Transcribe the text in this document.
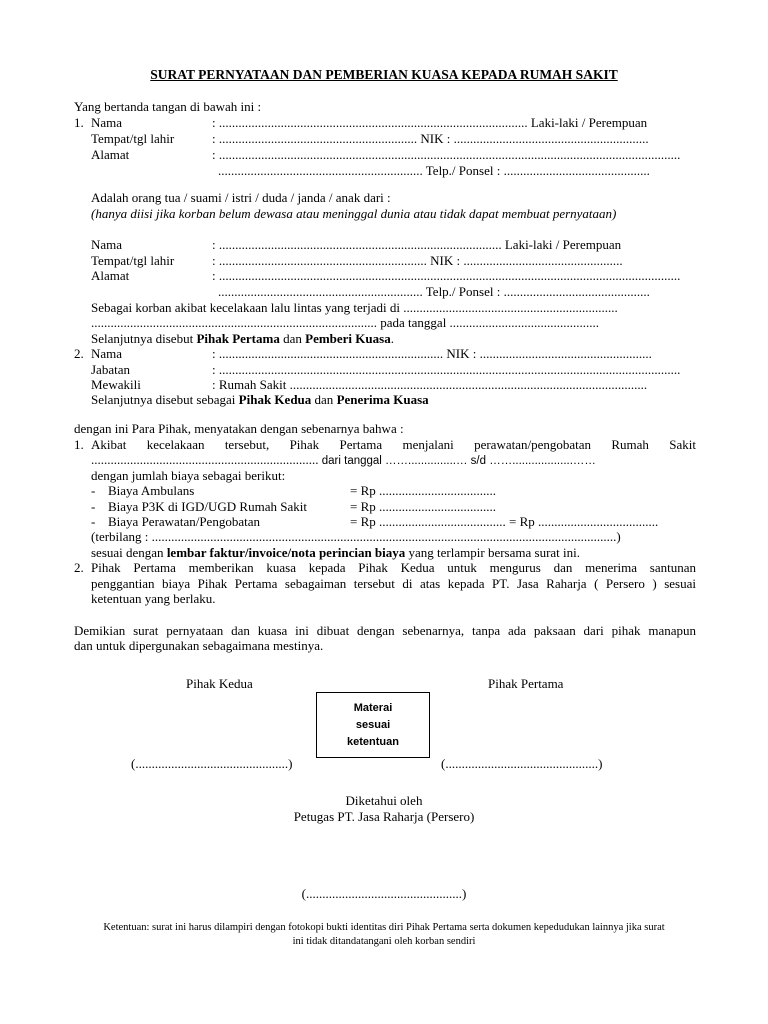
SURAT PERNYATAAN DAN PEMBERIAN KUASA KEPADA RUMAH SAKIT
Yang bertanda tangan di bawah ini :
1. Nama	: ............................................................................................... Laki-laki / Perempuan
Tempat/tgl lahir	: ............................................................. NIK : ............................................................
Alamat	: ..............................................................................................................................................
............................................................... Telp./ Ponsel : .............................................
Adalah orang tua / suami / istri / duda / janda / anak dari :
(hanya diisi jika korban belum dewasa atau meninggal dunia atau tidak dapat membuat pernyataan)
Nama	: ....................................................................................... Laki-laki / Perempuan
Tempat/tgl lahir	: ................................................................ NIK : .................................................
Alamat	: ..............................................................................................................................................
............................................................... Telp./ Ponsel : .............................................
Sebagai korban akibat kecelakaan lalu lintas yang terjadi di ..................................................................
........................................................................................ pada tanggal ..............................................
Selanjutnya disebut Pihak Pertama dan Pemberi Kuasa.
2. Nama	: ..................................................................... NIK : .....................................................
Jabatan	: ..............................................................................................................................................
Mewakili	: Rumah Sakit ..............................................................................................................
Selanjutnya disebut sebagai Pihak Kedua dan Penerima Kuasa
dengan ini Para Pihak, menyatakan dengan sebenarnya bahwa :
1. Akibat kecelakaan tersebut, Pihak Pertama menjalani perawatan/pengobatan Rumah Sakit
...................................................................... dari tanggal ……...............… s/d ……...................……
dengan jumlah biaya sebagai berikut:
- Biaya Ambulans	= Rp ....................................
- Biaya P3K di IGD/UGD Rumah Sakit	= Rp ....................................
- Biaya Perawatan/Pengobatan	= Rp ....................................... = Rp .....................................
(terbilang : ...............................................................................................................................................)
sesuai dengan lembar faktur/invoice/nota perincian biaya yang terlampir bersama surat ini.
2. Pihak Pertama memberikan kuasa kepada Pihak Kedua untuk mengurus dan menerima santunan
penggantian biaya Pihak Pertama sebagaiman tersebut di atas kepada PT. Jasa Raharja ( Persero ) sesuai
ketentuan yang berlaku.
Demikian surat pernyataan dan kuasa ini dibuat dengan sebenarnya, tanpa ada paksaan dari pihak manapun
dan untuk dipergunakan sebagaimana mestinya.
Pihak Kedua	Pihak Pertama
Materai
sesuai
ketentuan
(...............................................)	(...............................................)
Diketahui oleh
Petugas PT. Jasa Raharja (Persero)
(................................................)
Ketentuan: surat ini harus dilampiri dengan fotokopi bukti identitas diri Pihak Pertama serta dokumen kepedudukan lainnya jika surat
ini tidak ditandatangani oleh korban sendiri
